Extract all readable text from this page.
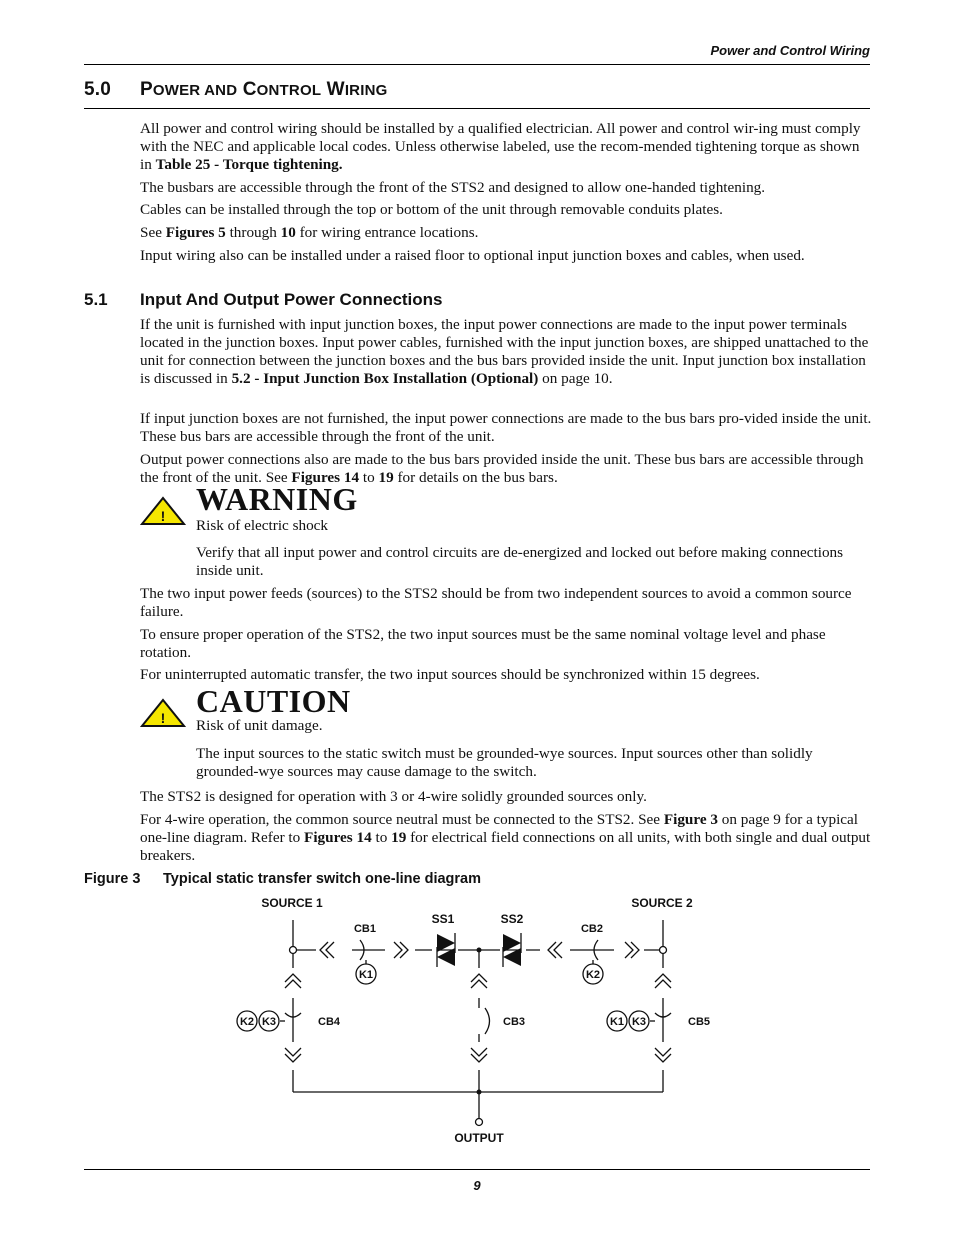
Power and Control Wiring
5.0 POWER AND CONTROL WIRING
All power and control wiring should be installed by a qualified electrician. All power and control wir-ing must comply with the NEC and applicable local codes. Unless otherwise labeled, use the recom-mended tightening torque as shown in Table 25 - Torque tightening.
The busbars are accessible through the front of the STS2 and designed to allow one-handed tightening.
Cables can be installed through the top or bottom of the unit through removable conduits plates.
See Figures 5 through 10 for wiring entrance locations.
Input wiring also can be installed under a raised floor to optional input junction boxes and cables, when used.
5.1 Input And Output Power Connections
If the unit is furnished with input junction boxes, the input power connections are made to the input power terminals located in the junction boxes. Input power cables, furnished with the input junction boxes, are shipped unattached to the unit for connection between the junction boxes and the bus bars provided inside the unit. Input junction box installation is discussed in 5.2 - Input Junction Box Installation (Optional) on page 10.
If input junction boxes are not furnished, the input power connections are made to the bus bars pro-vided inside the unit. These bus bars are accessible through the front of the unit.
Output power connections also are made to the bus bars provided inside the unit. These bus bars are accessible through the front of the unit. See Figures 14 to 19 for details on the bus bars.
! WARNING
Risk of electric shock
Verify that all input power and control circuits are de-energized and locked out before making connections inside unit.
The two input power feeds (sources) to the STS2 should be from two independent sources to avoid a common source failure.
To ensure proper operation of the STS2, the two input sources must be the same nominal voltage level and phase rotation.
For uninterrupted automatic transfer, the two input sources should be synchronized within 15 degrees.
! CAUTION
Risk of unit damage.
The input sources to the static switch must be grounded-wye sources. Input sources other than solidly grounded-wye sources may cause damage to the switch.
The STS2 is designed for operation with 3 or 4-wire solidly grounded sources only.
For 4-wire operation, the common source neutral must be connected to the STS2. See Figure 3 on page 9 for a typical one-line diagram. Refer to Figures 14 to 19 for electrical field connections on all units, with both single and dual output breakers.
Figure 3 Typical static transfer switch one-line diagram
SOURCE 1	SOURCE 2
CB1	CB2
SS1	SS2
K1	K2
K2 K3	K1 K3
CB4	CB3	CB5
OUTPUT
9
